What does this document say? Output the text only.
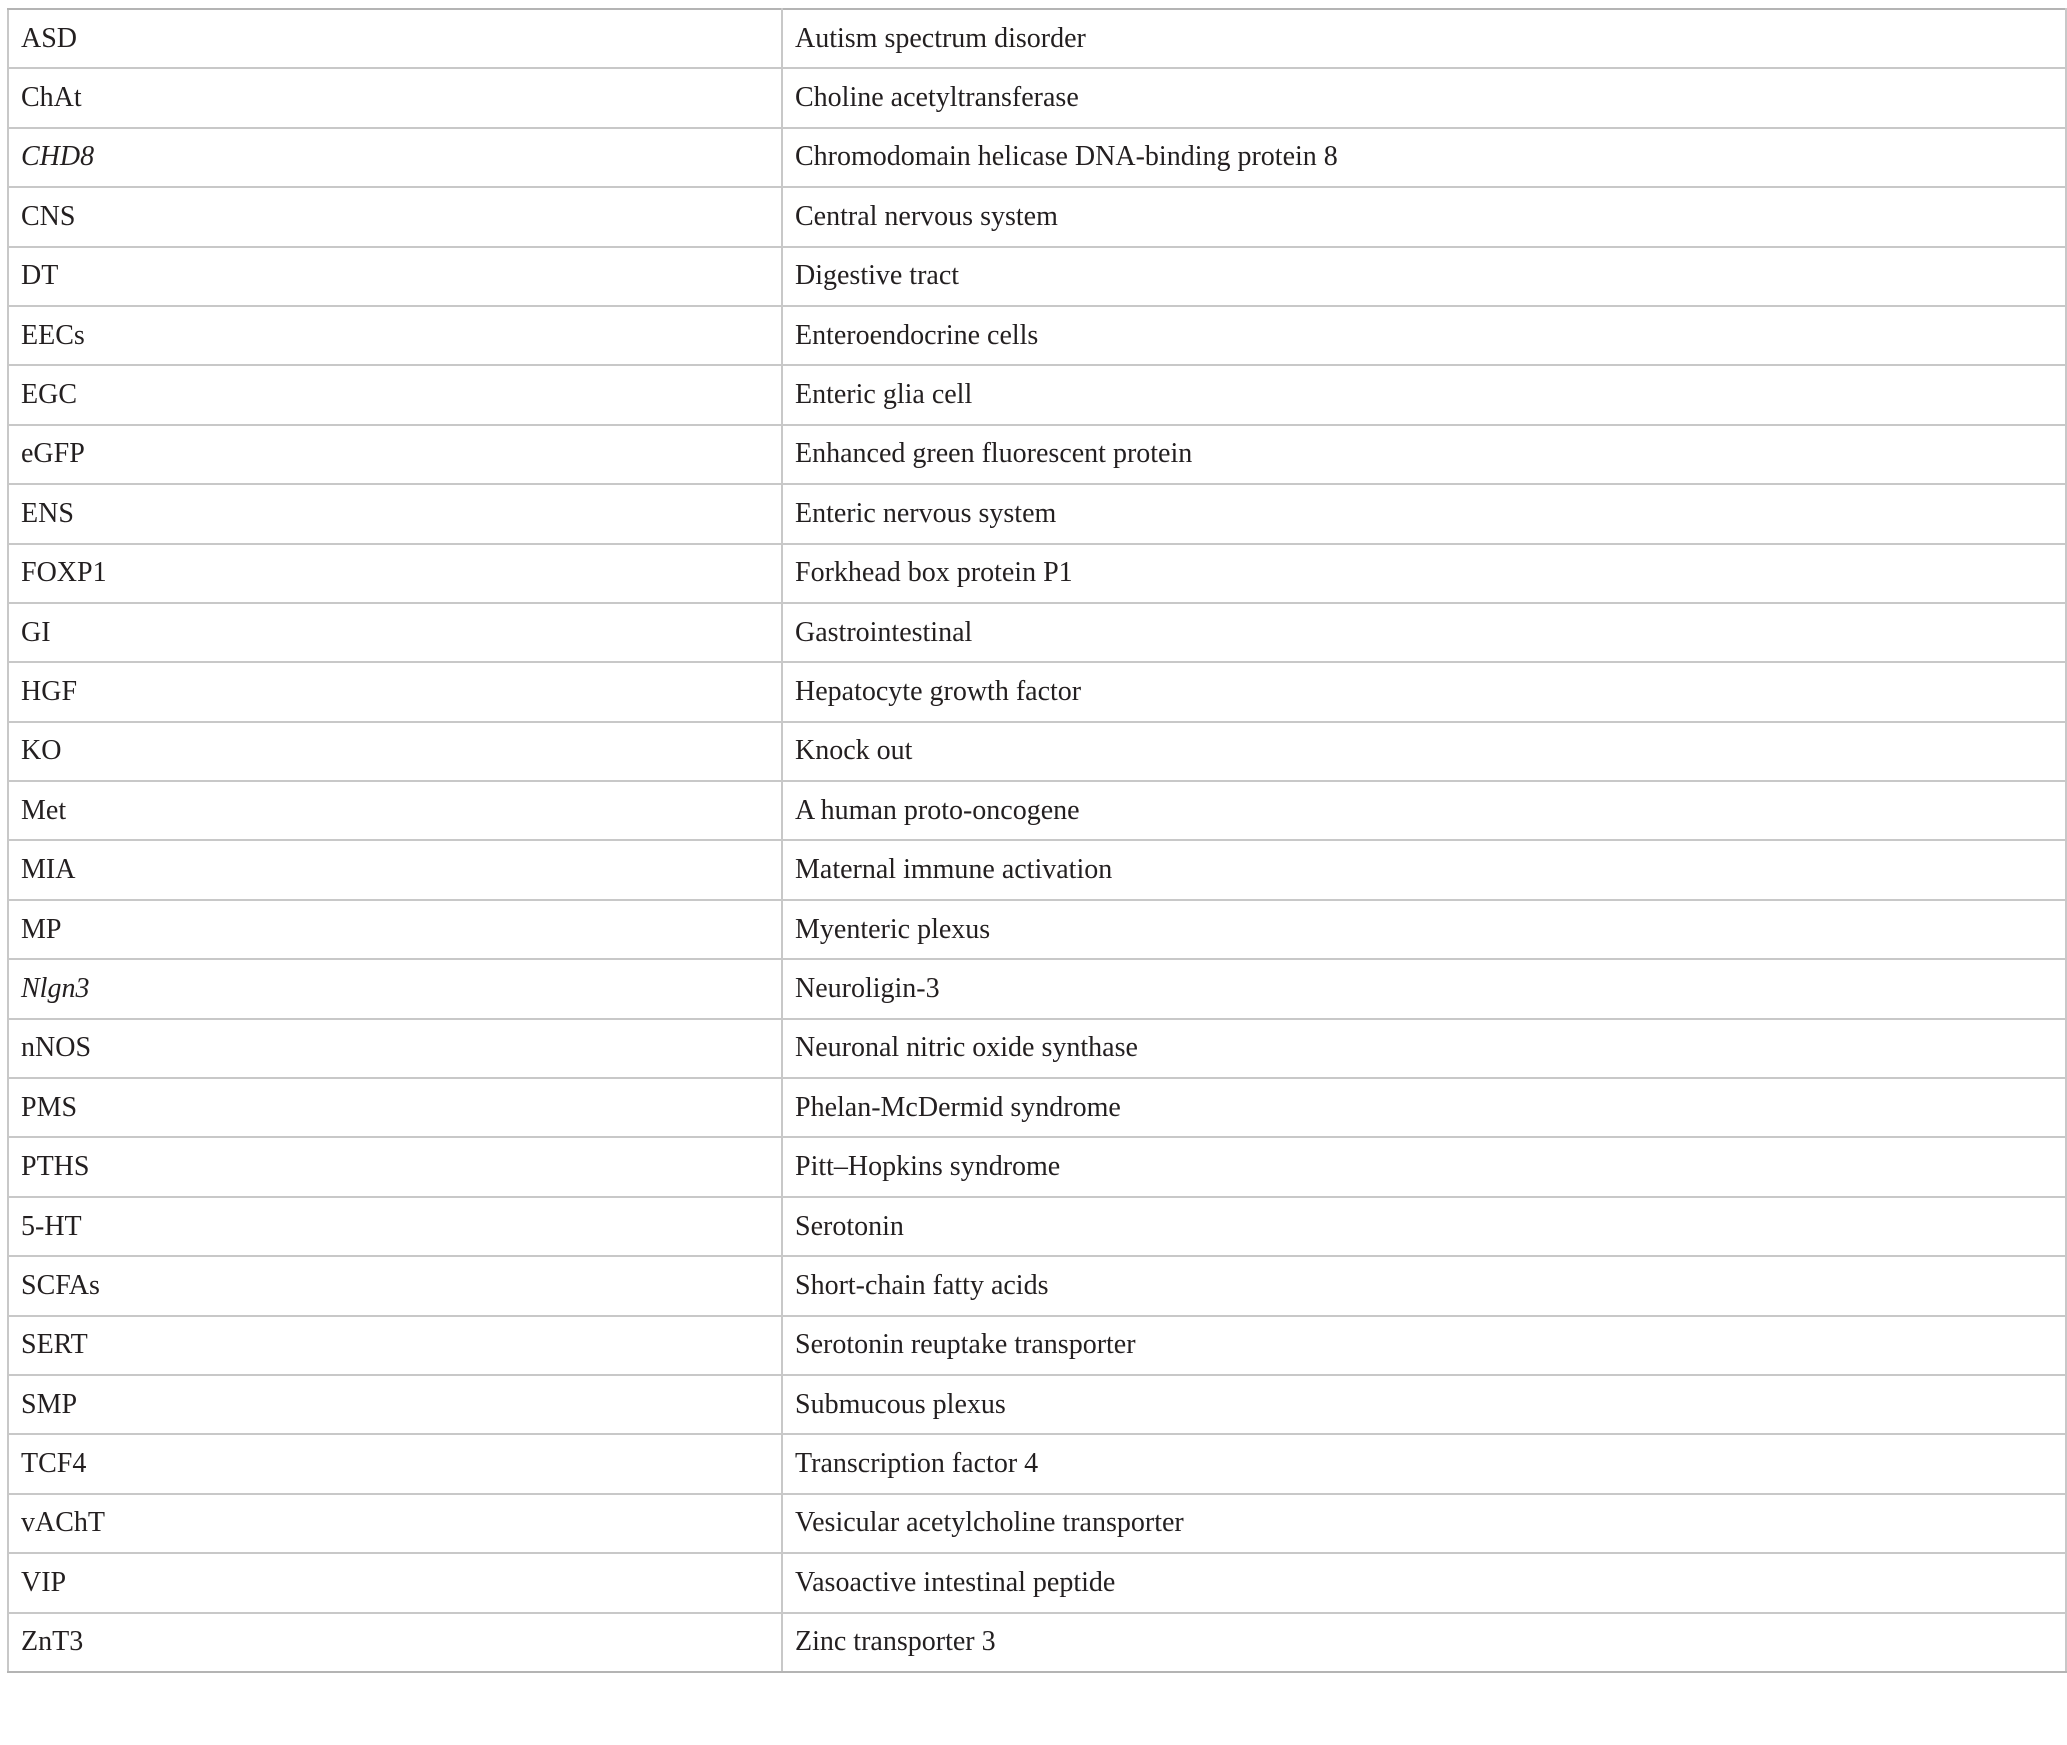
ASD	Autism spectrum disorder
ChAt	Choline acetyltransferase
CHD8	Chromodomain helicase DNA-binding protein 8
CNS	Central nervous system
DT	Digestive tract
EECs	Enteroendocrine cells
EGC	Enteric glia cell
eGFP	Enhanced green fluorescent protein
ENS	Enteric nervous system
FOXP1	Forkhead box protein P1
GI	Gastrointestinal
HGF	Hepatocyte growth factor
KO	Knock out
Met	A human proto-oncogene
MIA	Maternal immune activation
MP	Myenteric plexus
Nlgn3	Neuroligin-3
nNOS	Neuronal nitric oxide synthase
PMS	Phelan-McDermid syndrome
PTHS	Pitt–Hopkins syndrome
5-HT	Serotonin
SCFAs	Short-chain fatty acids
SERT	Serotonin reuptake transporter
SMP	Submucous plexus
TCF4	Transcription factor 4
vAChT	Vesicular acetylcholine transporter
VIP	Vasoactive intestinal peptide
ZnT3	Zinc transporter 3
